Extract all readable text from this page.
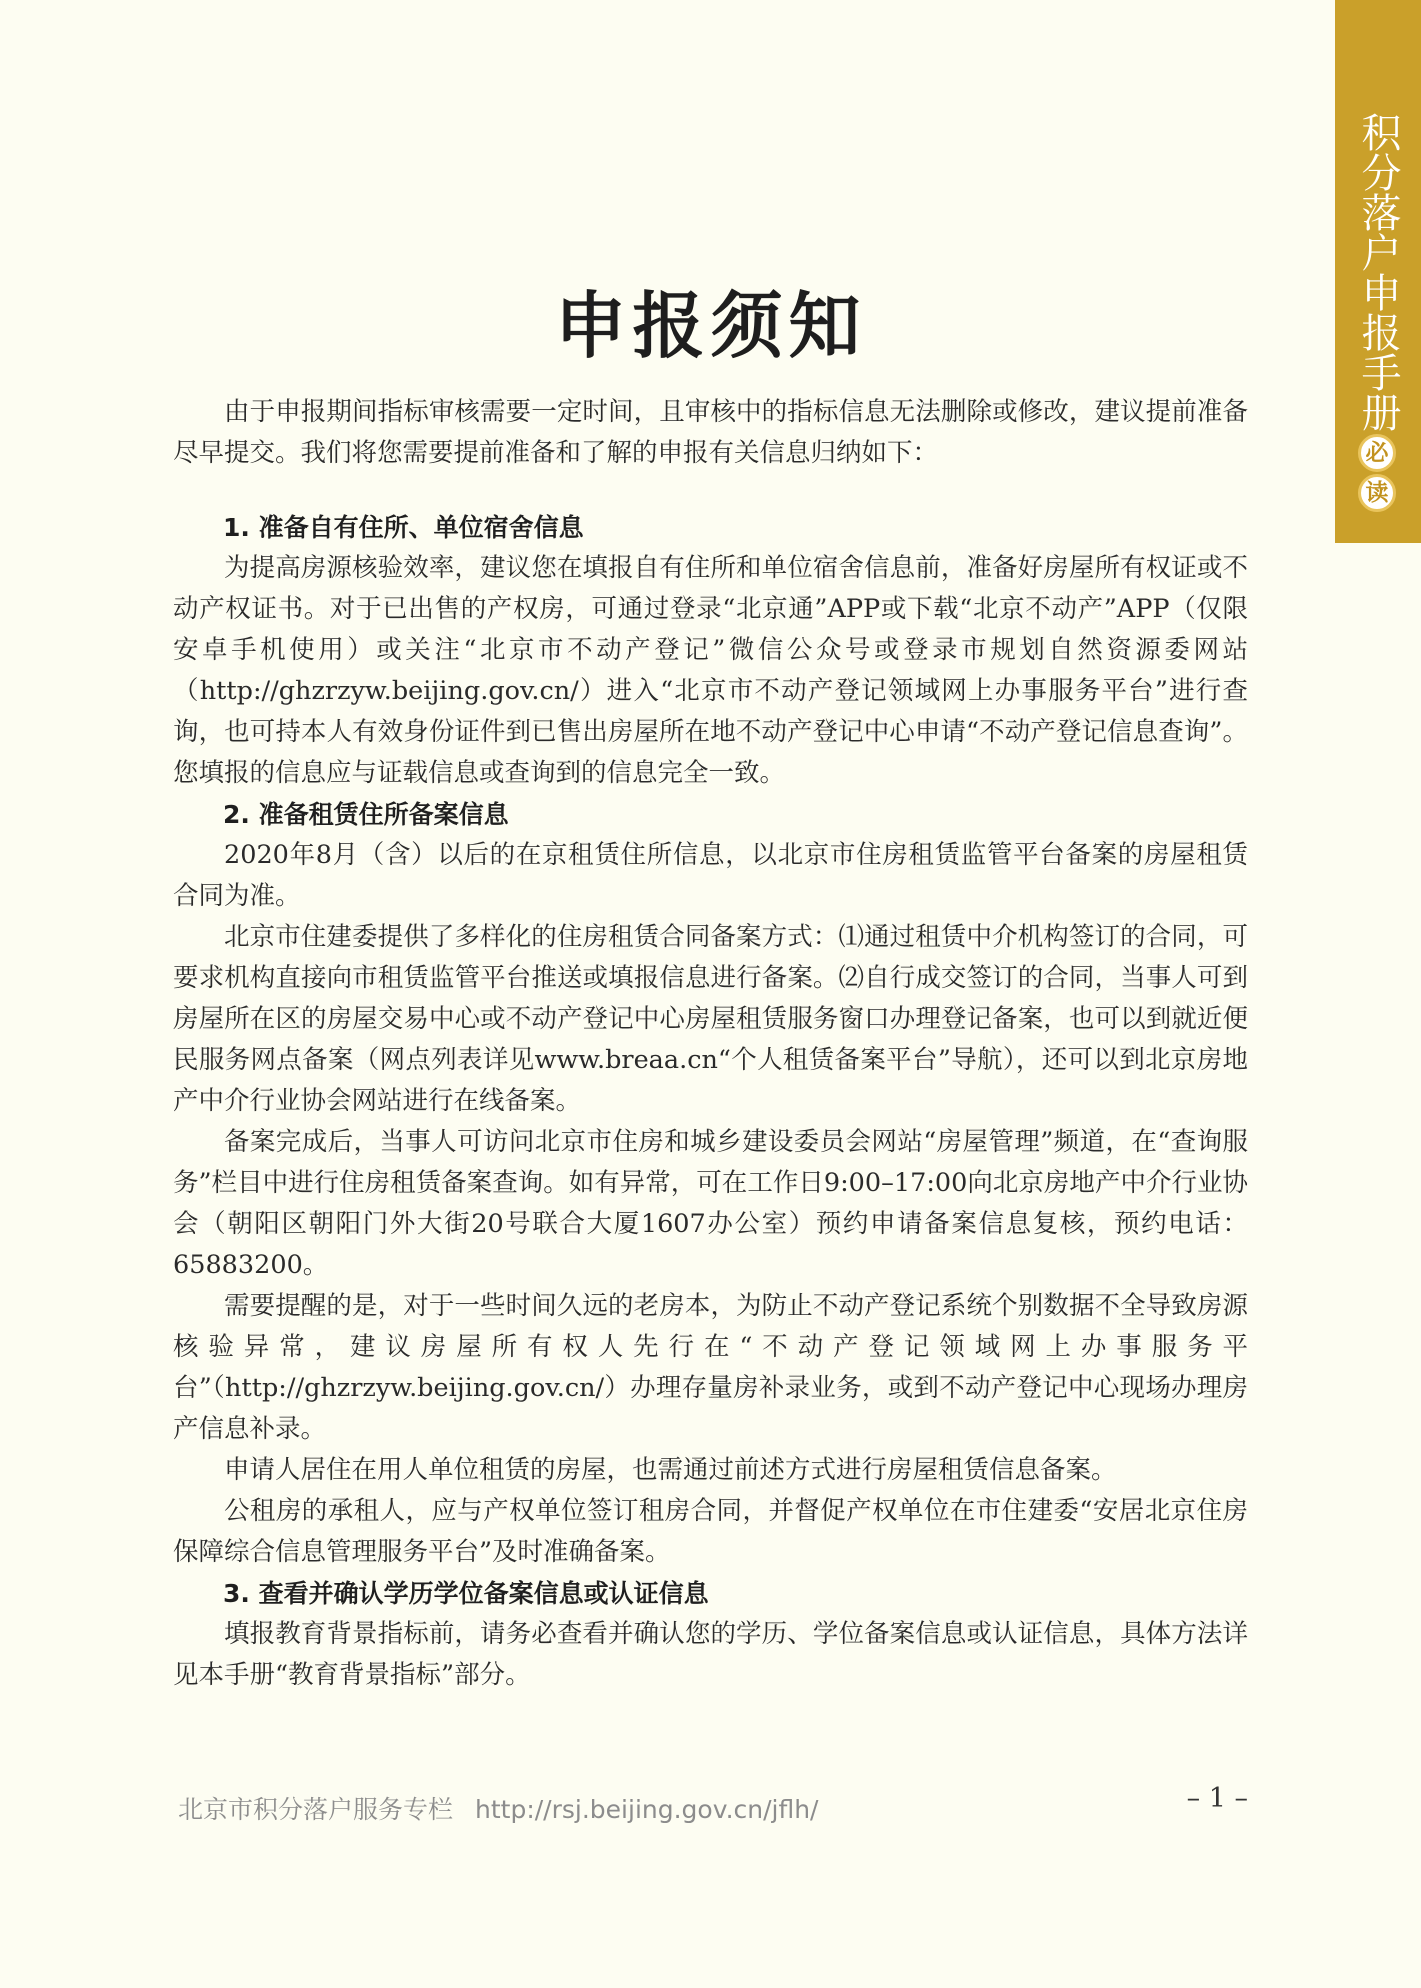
积分落户申报手册
必
读
申报须知

由于申报期间指标审核需要一定时间，且审核中的指标信息无法删除或修改，建议提前准备尽早提交。我们将您需要提前准备和了解的申报有关信息归纳如下：

1. 准备自有住所、单位宿舍信息

为提高房源核验效率，建议您在填报自有住所和单位宿舍信息前，准备好房屋所有权证或不动产权证书。对于已出售的产权房，可通过登录“北京通”APP或下载“北京不动产”APP（仅限安卓手机使用）或关注“北京市不动产登记”微信公众号或登录市规划自然资源委网站（http://ghzrzyw.beijing.gov.cn/）进入“北京市不动产登记领域网上办事服务平台”进行查询，也可持本人有效身份证件到已售出房屋所在地不动产登记中心申请“不动产登记信息查询”。您填报的信息应与证载信息或查询到的信息完全一致。

2. 准备租赁住所备案信息

2020年8月（含）以后的在京租赁住所信息，以北京市住房租赁监管平台备案的房屋租赁合同为准。

北京市住建委提供了多样化的住房租赁合同备案方式：⑴通过租赁中介机构签订的合同，可要求机构直接向市租赁监管平台推送或填报信息进行备案。⑵自行成交签订的合同，当事人可到房屋所在区的房屋交易中心或不动产登记中心房屋租赁服务窗口办理登记备案，也可以到就近便民服务网点备案（网点列表详见www.breaa.cn“个人租赁备案平台”导航），还可以到北京房地产中介行业协会网站进行在线备案。

备案完成后，当事人可访问北京市住房和城乡建设委员会网站“房屋管理”频道，在“查询服务”栏目中进行住房租赁备案查询。如有异常，可在工作日9:00–17:00向北京房地产中介行业协会（朝阳区朝阳门外大街20号联合大厦1607办公室）预约申请备案信息复核，预约电话：65883200。

需要提醒的是，对于一些时间久远的老房本，为防止不动产登记系统个别数据不全导致房源核验异常，建议房屋所有权人先行在“不动产登记领域网上办事服务平台”（http://ghzrzyw.beijing.gov.cn/）办理存量房补录业务，或到不动产登记中心现场办理房产信息补录。

申请人居住在用人单位租赁的房屋，也需通过前述方式进行房屋租赁信息备案。

公租房的承租人，应与产权单位签订租房合同，并督促产权单位在市住建委“安居北京住房保障综合信息管理服务平台”及时准确备案。

3. 查看并确认学历学位备案信息或认证信息

填报教育背景指标前，请务必查看并确认您的学历、学位备案信息或认证信息，具体方法详见本手册“教育背景指标”部分。

北京市积分落户服务专栏 http://rsj.beijing.gov.cn/jflh/	– 1 –
